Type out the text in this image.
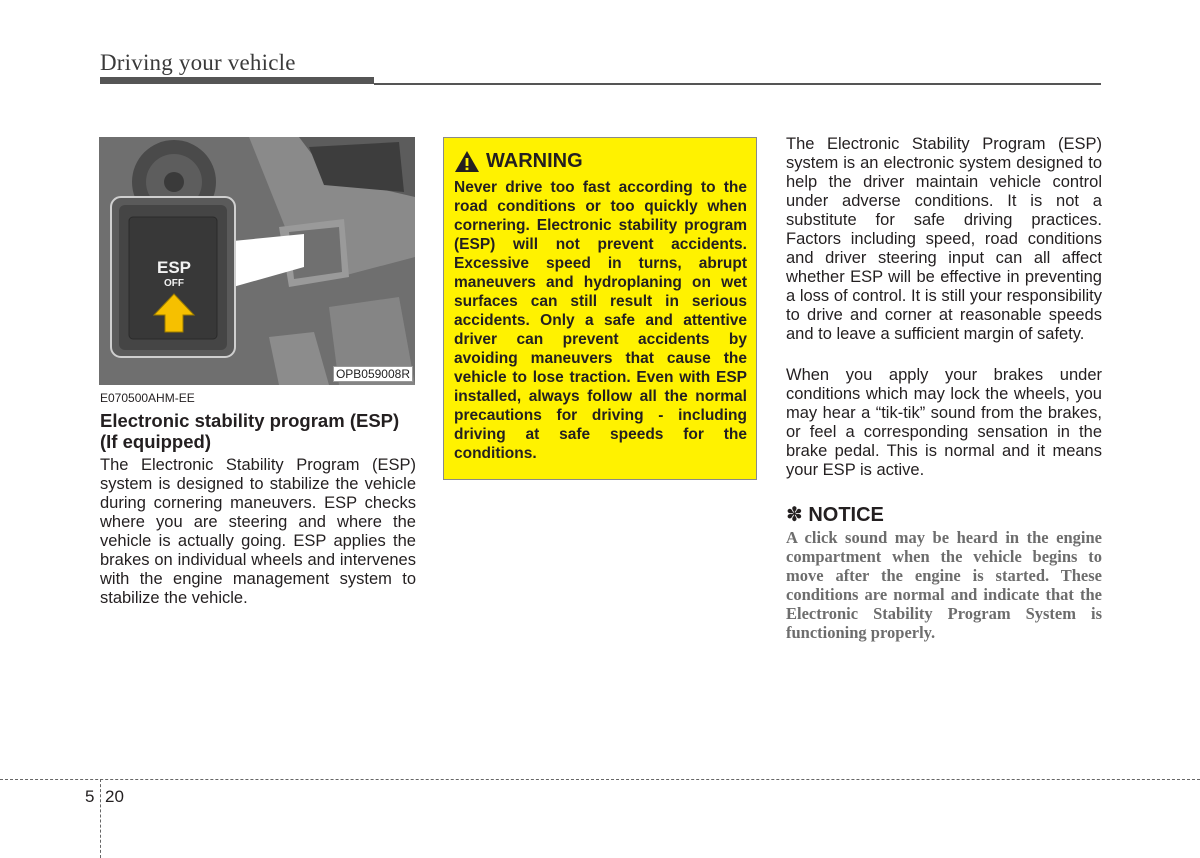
Driving your vehicle
ESP
OFF
OPB059008R
E070500AHM-EE
Electronic stability program (ESP) (If equipped)
The Electronic Stability Program (ESP) system is designed to stabilize the vehicle during cornering maneuvers. ESP checks where you are steering and where the vehicle is actually going. ESP applies the brakes on individual wheels and intervenes with the engine management system to stabilize the vehicle.
WARNING
Never drive too fast according to the road conditions or too quickly when cornering. Electronic stability program (ESP) will not prevent accidents. Excessive speed in turns, abrupt maneuvers and hydroplaning on wet surfaces can still result in serious accidents. Only a safe and attentive driver can prevent accidents by avoiding maneuvers that cause the vehicle to lose traction. Even with ESP installed, always follow all the normal precautions for driving - including driving at safe speeds for the conditions.
The Electronic Stability Program (ESP) system is an electronic system designed to help the driver maintain vehicle control under adverse conditions. It is not a substitute for safe driving practices. Factors including speed, road conditions and driver steering input can all affect whether ESP will be effective in preventing a loss of control. It is still your responsibility to drive and corner at reasonable speeds and to leave a sufficient margin of safety.
When you apply your brakes under conditions which may lock the wheels, you may hear a “tik-tik” sound from the brakes, or feel a corresponding sensation in the brake pedal. This is normal and it means your ESP is active.
✽ NOTICE
A click sound may be heard in the engine compartment when the vehicle begins to move after the engine is started. These conditions are normal and indicate that the Electronic Stability Program System is functioning properly.
5 20
